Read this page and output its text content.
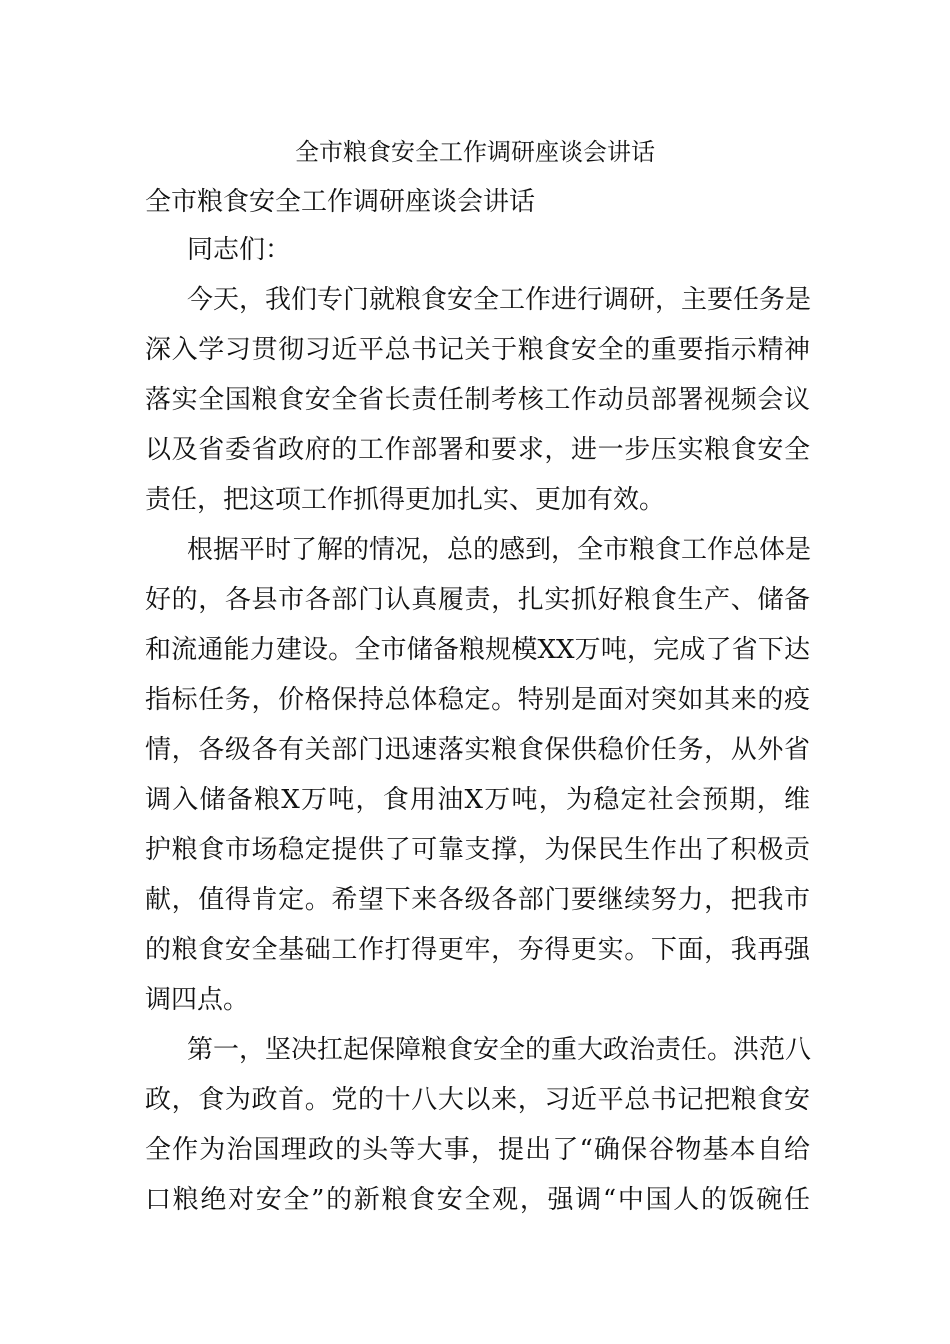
全市粮食安全工作调研座谈会讲话

全市粮食安全工作调研座谈会讲话

同志们：

今天，我们专门就粮食安全工作进行调研，主要任务是

深入学习贯彻习近平总书记关于粮食安全的重要指示精神

落实全国粮食安全省长责任制考核工作动员部署视频会议

以及省委省政府的工作部署和要求，进一步压实粮食安全

责任，把这项工作抓得更加扎实、更加有效。

根据平时了解的情况，总的感到，全市粮食工作总体是

好的，各县市各部门认真履责，扎实抓好粮食生产、储备

和流通能力建设。全市储备粮规模XX万吨，完成了省下达

指标任务，价格保持总体稳定。特别是面对突如其来的疫

情，各级各有关部门迅速落实粮食保供稳价任务，从外省

调入储备粮X万吨，食用油X万吨，为稳定社会预期，维

护粮食市场稳定提供了可靠支撑，为保民生作出了积极贡

献，值得肯定。希望下来各级各部门要继续努力，把我市

的粮食安全基础工作打得更牢，夯得更实。下面，我再强

调四点。

第一，坚决扛起保障粮食安全的重大政治责任。洪范八

政，食为政首。党的十八大以来，习近平总书记把粮食安

全作为治国理政的头等大事，提出了“确保谷物基本自给

口粮绝对安全”的新粮食安全观，强调“中国人的饭碗任
